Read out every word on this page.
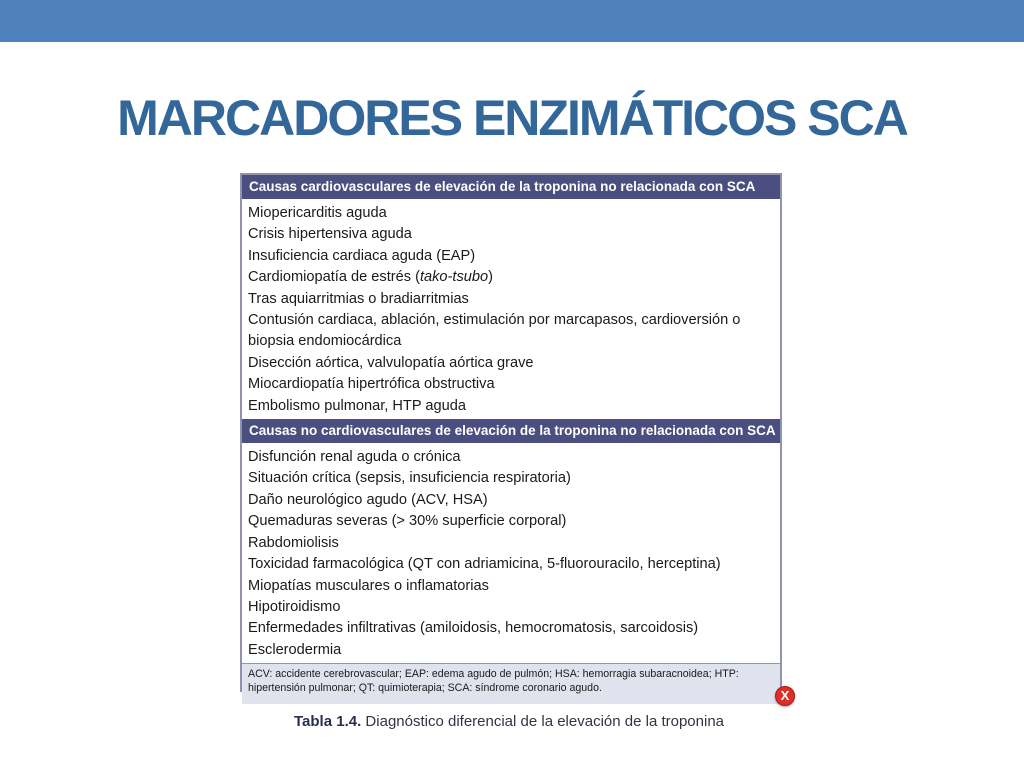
MARCADORES ENZIMÁTICOS SCA
Causas cardiovasculares de elevación de la troponina no relacionada con SCA
Miopericarditis aguda
Crisis hipertensiva aguda
Insuficiencia cardiaca aguda (EAP)
Cardiomiopatía de estrés (tako-tsubo)
Tras aquiarritmias o bradiarritmias
Contusión cardiaca, ablación, estimulación por marcapasos, cardioversión o
biopsia endomiocárdica
Disección aórtica, valvulopatía aórtica grave
Miocardiopatía hipertrófica obstructiva
Embolismo pulmonar, HTP aguda
Causas no cardiovasculares de elevación de la troponina no relacionada con SCA
Disfunción renal aguda o crónica
Situación crítica (sepsis, insuficiencia respiratoria)
Daño neurológico agudo (ACV, HSA)
Quemaduras severas (> 30% superficie corporal)
Rabdomiolisis
Toxicidad farmacológica (QT con adriamicina, 5-fluorouracilo, herceptina)
Miopatías musculares o inflamatorias
Hipotiroidismo
Enfermedades infiltrativas (amiloidosis, hemocromatosis, sarcoidosis)
Esclerodermia
ACV: accidente cerebrovascular; EAP: edema agudo de pulmón; HSA: hemorragia subaracnoidea; HTP:
hipertensión pulmonar; QT: quimioterapia; SCA: síndrome coronario agudo.	X
Tabla 1.4. Diagnóstico diferencial de la elevación de la troponina
